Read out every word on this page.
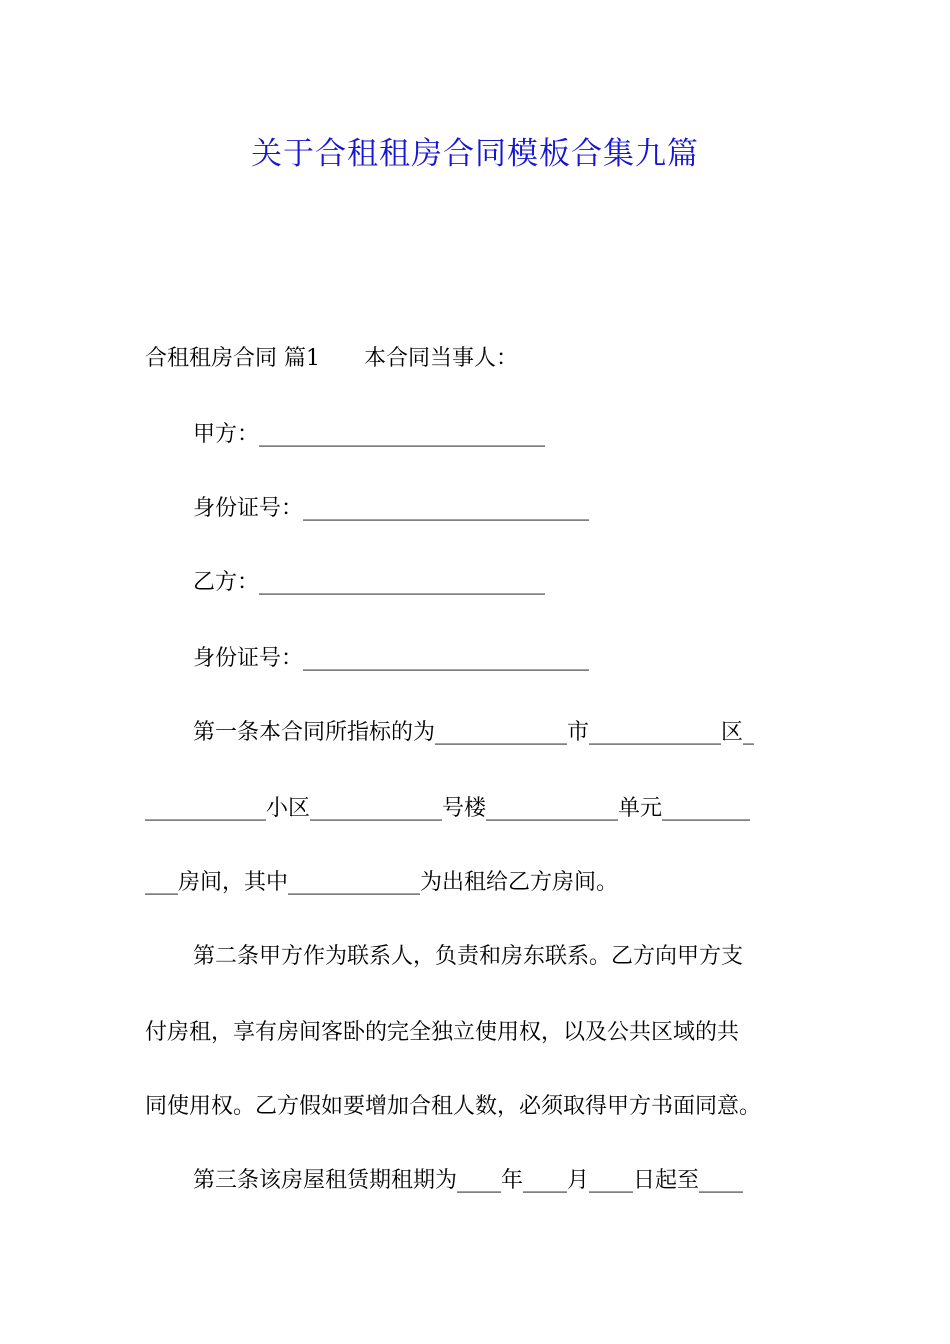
关于合租租房合同模板合集九篇
合租租房合同 篇1 本合同当事人：
甲方：__________________________
身份证号：__________________________
乙方：__________________________
身份证号：__________________________
第一条本合同所指标的为____________市____________区_
___________小区____________号楼____________单元________
___房间，其中____________为出租给乙方房间。
第二条甲方作为联系人，负责和房东联系。乙方向甲方支
付房租，享有房间客卧的完全独立使用权，以及公共区域的共
同使用权。乙方假如要增加合租人数，必须取得甲方书面同意。
第三条该房屋租赁期租期为____年____月____日起至____
